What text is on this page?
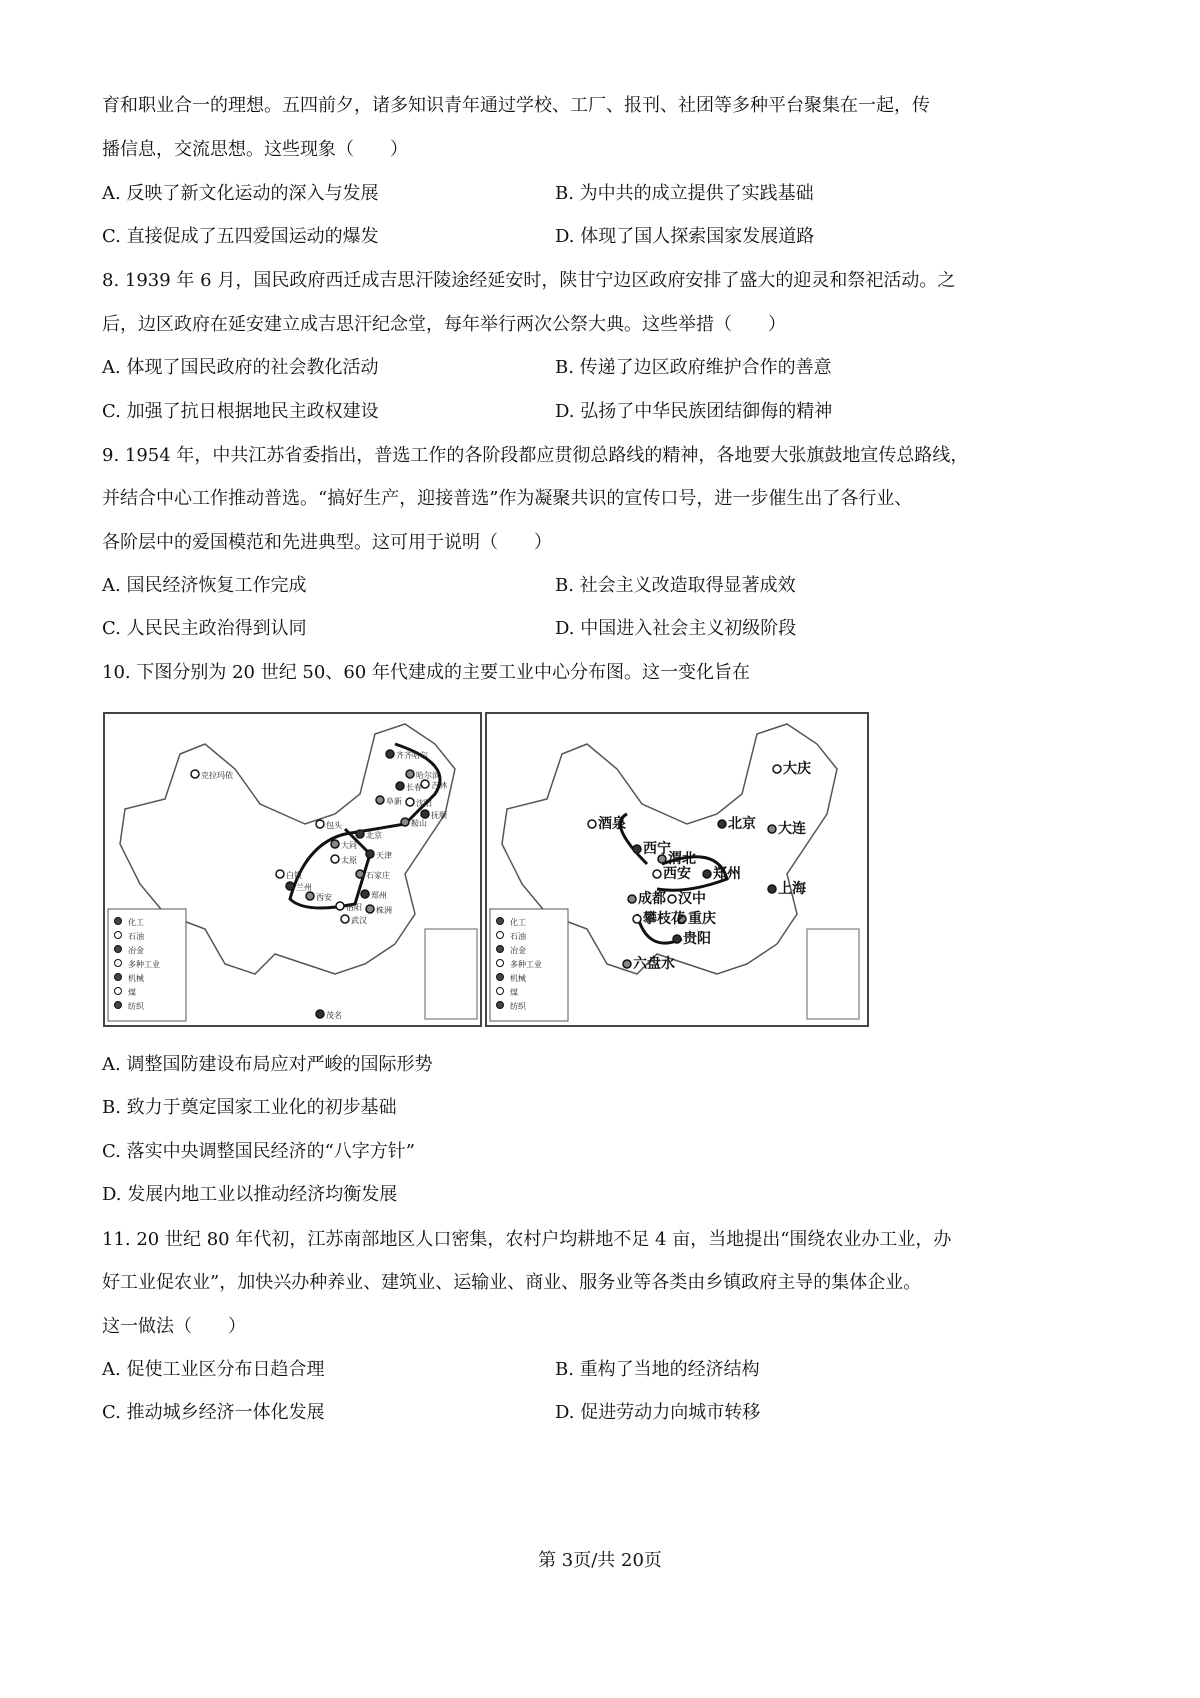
育和职业合一的理想。五四前夕，诸多知识青年通过学校、工厂、报刊、社团等多种平台聚集在一起，传
播信息，交流思想。这些现象（　　）
A. 反映了新文化运动的深入与发展	B. 为中共的成立提供了实践基础
C. 直接促成了五四爱国运动的爆发	D. 体现了国人探索国家发展道路
8. 1939 年 6 月，国民政府西迁成吉思汗陵途经延安时，陕甘宁边区政府安排了盛大的迎灵和祭祀活动。之
后，边区政府在延安建立成吉思汗纪念堂，每年举行两次公祭大典。这些举措（　　）
A. 体现了国民政府的社会教化活动	B. 传递了边区政府维护合作的善意
C. 加强了抗日根据地民主政权建设	D. 弘扬了中华民族团结御侮的精神
9. 1954 年，中共江苏省委指出，普选工作的各阶段都应贯彻总路线的精神，各地要大张旗鼓地宣传总路线，
并结合中心工作推动普选。“搞好生产，迎接普选”作为凝聚共识的宣传口号，进一步催生出了各行业、
各阶层中的爱国模范和先进典型。这可用于说明（　　）
A. 国民经济恢复工作完成	B. 社会主义改造取得显著成效
C. 人民民主政治得到认同	D. 中国进入社会主义初级阶段
10. 下图分别为 20 世纪 50、60 年代建成的主要工业中心分布图。这一变化旨在
克拉玛依
齐齐哈尔
哈尔滨
吉林
长春
阜新 沈阳
抚顺
鞍山
包头
北京
大同
太原
天津
石家庄
白银
兰州
西安
洛阳
郑州
株洲
武汉
茂名
化工
石油
冶金
多种工业
机械
煤
纺织
大庆
北京 大连
酒泉
西宁
渭北
西安 郑州
成都 汉中
上海
重庆
攀枝花
贵阳
六盘水
化工
石油
冶金
多种工业
机械
煤
纺织
A. 调整国防建设布局应对严峻的国际形势
B. 致力于奠定国家工业化的初步基础
C. 落实中央调整国民经济的“八字方针”
D. 发展内地工业以推动经济均衡发展
11. 20 世纪 80 年代初，江苏南部地区人口密集，农村户均耕地不足 4 亩，当地提出“围绕农业办工业，办
好工业促农业”，加快兴办种养业、建筑业、运输业、商业、服务业等各类由乡镇政府主导的集体企业。
这一做法（　　）
A. 促使工业区分布日趋合理	B. 重构了当地的经济结构
C. 推动城乡经济一体化发展	D. 促进劳动力向城市转移
第 3页/共 20页
